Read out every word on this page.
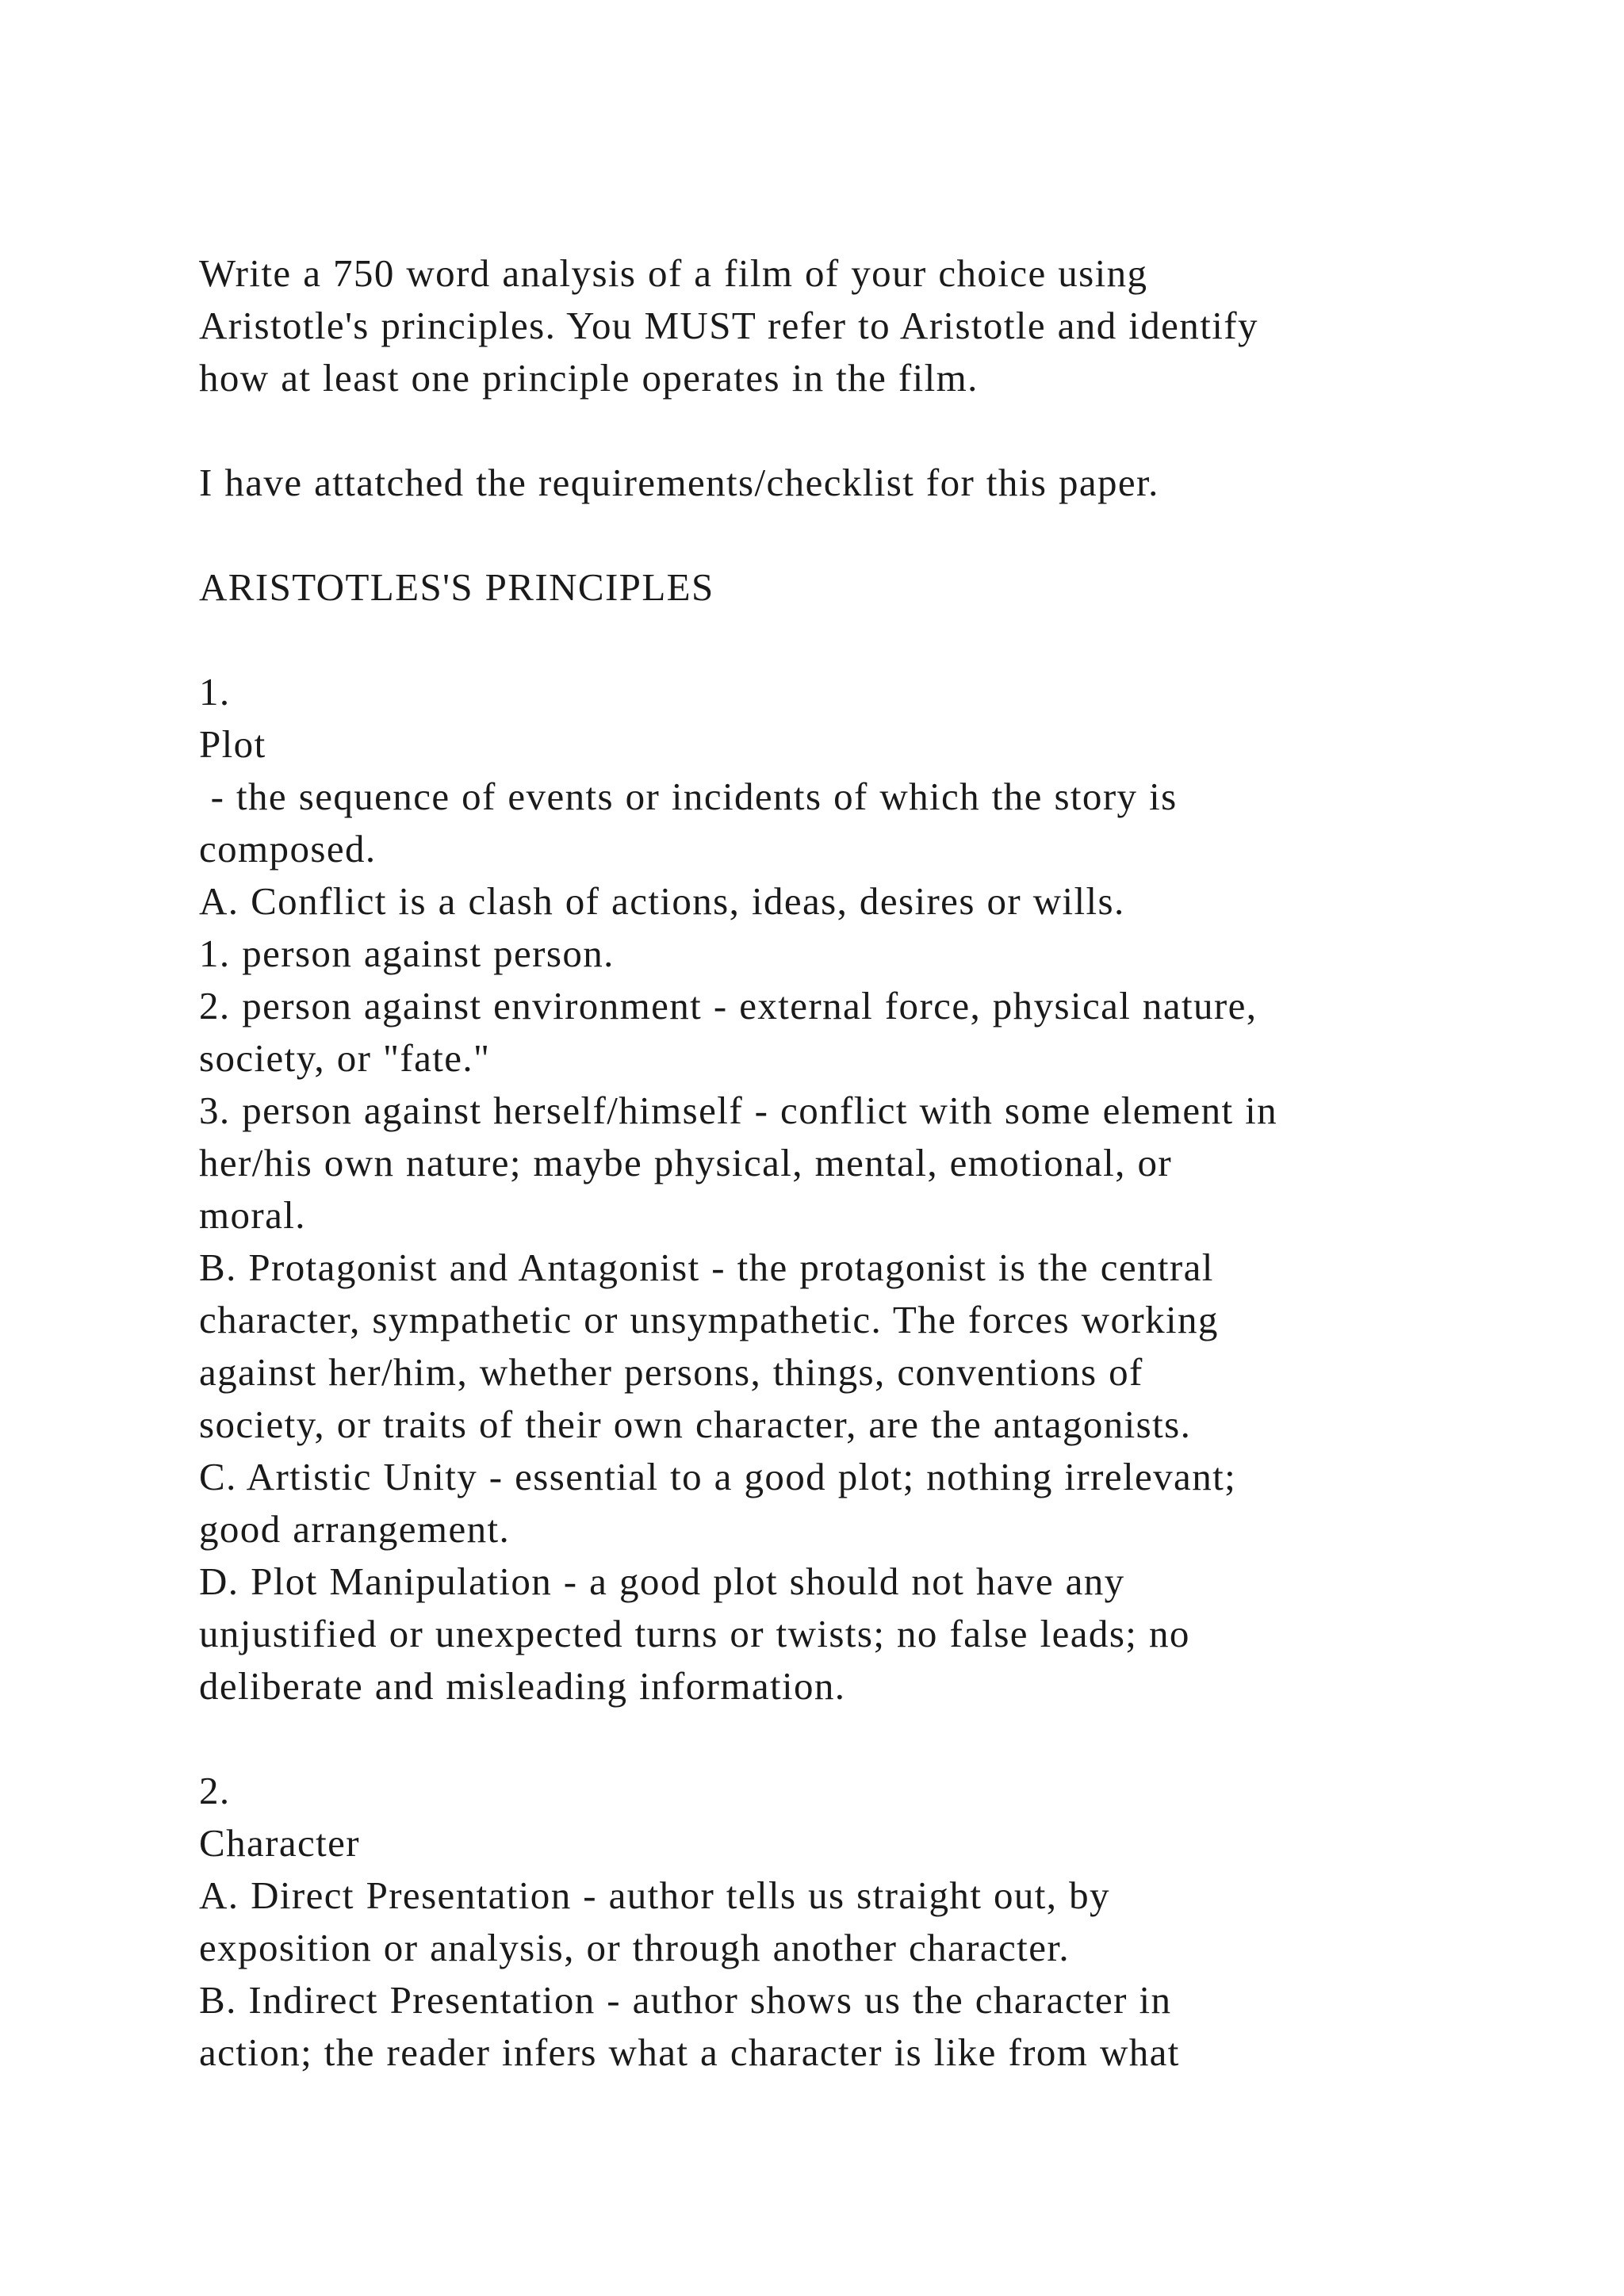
Write a 750 word analysis of a film of your choice using
Aristotle's principles. You MUST refer to Aristotle and identify
how at least one principle operates in the film.
I have attatched the requirements/checklist for this paper.
ARISTOTLES'S PRINCIPLES
1.
Plot
- the sequence of events or incidents of which the story is
composed.
A. Conflict is a clash of actions, ideas, desires or wills.
1. person against person.
2. person against environment - external force, physical nature,
society, or "fate."
3. person against herself/himself - conflict with some element in
her/his own nature; maybe physical, mental, emotional, or
moral.
B. Protagonist and Antagonist - the protagonist is the central
character, sympathetic or unsympathetic. The forces working
against her/him, whether persons, things, conventions of
society, or traits of their own character, are the antagonists.
C. Artistic Unity - essential to a good plot; nothing irrelevant;
good arrangement.
D. Plot Manipulation - a good plot should not have any
unjustified or unexpected turns or twists; no false leads; no
deliberate and misleading information.
2.
Character
A. Direct Presentation - author tells us straight out, by
exposition or analysis, or through another character.
B. Indirect Presentation - author shows us the character in
action; the reader infers what a character is like from what
